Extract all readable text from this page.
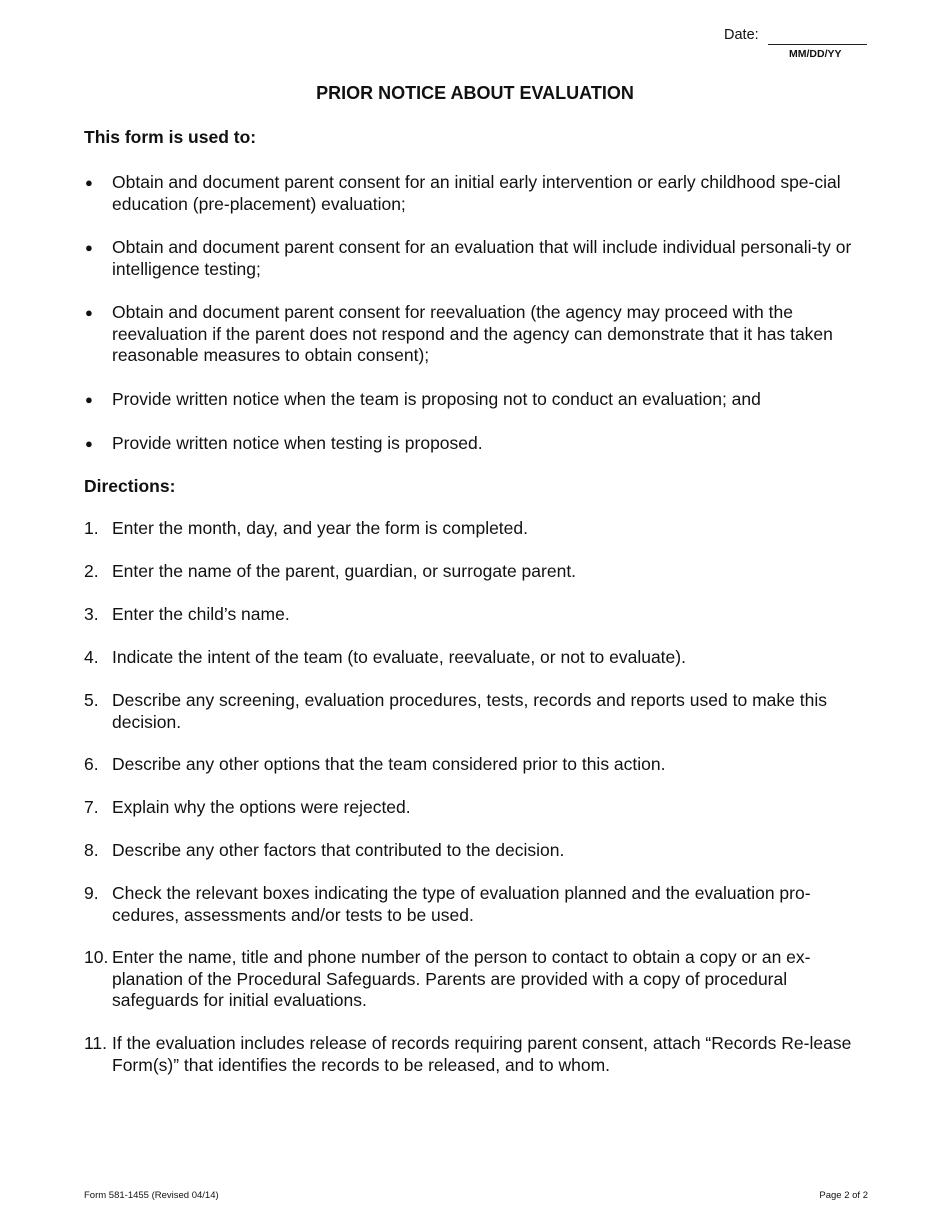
Date:
MM/DD/YY
PRIOR NOTICE ABOUT EVALUATION
This form is used to:
● Obtain and document parent consent for an initial early intervention or early childhood spe-cial education (pre-placement) evaluation;
● Obtain and document parent consent for an evaluation that will include individual personali-ty or intelligence testing;
● Obtain and document parent consent for reevaluation (the agency may proceed with the reevaluation if the parent does not respond and the agency can demonstrate that it has taken reasonable measures to obtain consent);
● Provide written notice when the team is proposing not to conduct an evaluation; and
● Provide written notice when testing is proposed.
Directions:
1. Enter the month, day, and year the form is completed.
2. Enter the name of the parent, guardian, or surrogate parent.
3. Enter the child’s name.
4. Indicate the intent of the team (to evaluate, reevaluate, or not to evaluate).
5. Describe any screening, evaluation procedures, tests, records and reports used to make this decision.
6. Describe any other options that the team considered prior to this action.
7. Explain why the options were rejected.
8. Describe any other factors that contributed to the decision.
9. Check the relevant boxes indicating the type of evaluation planned and the evaluation pro-cedures, assessments and/or tests to be used.
10. Enter the name, title and phone number of the person to contact to obtain a copy or an ex-planation of the Procedural Safeguards. Parents are provided with a copy of procedural safeguards for initial evaluations.
11. If the evaluation includes release of records requiring parent consent, attach “Records Re-lease Form(s)” that identifies the records to be released, and to whom.
Form 581-1455 (Revised 04/14)	Page 2 of 2
